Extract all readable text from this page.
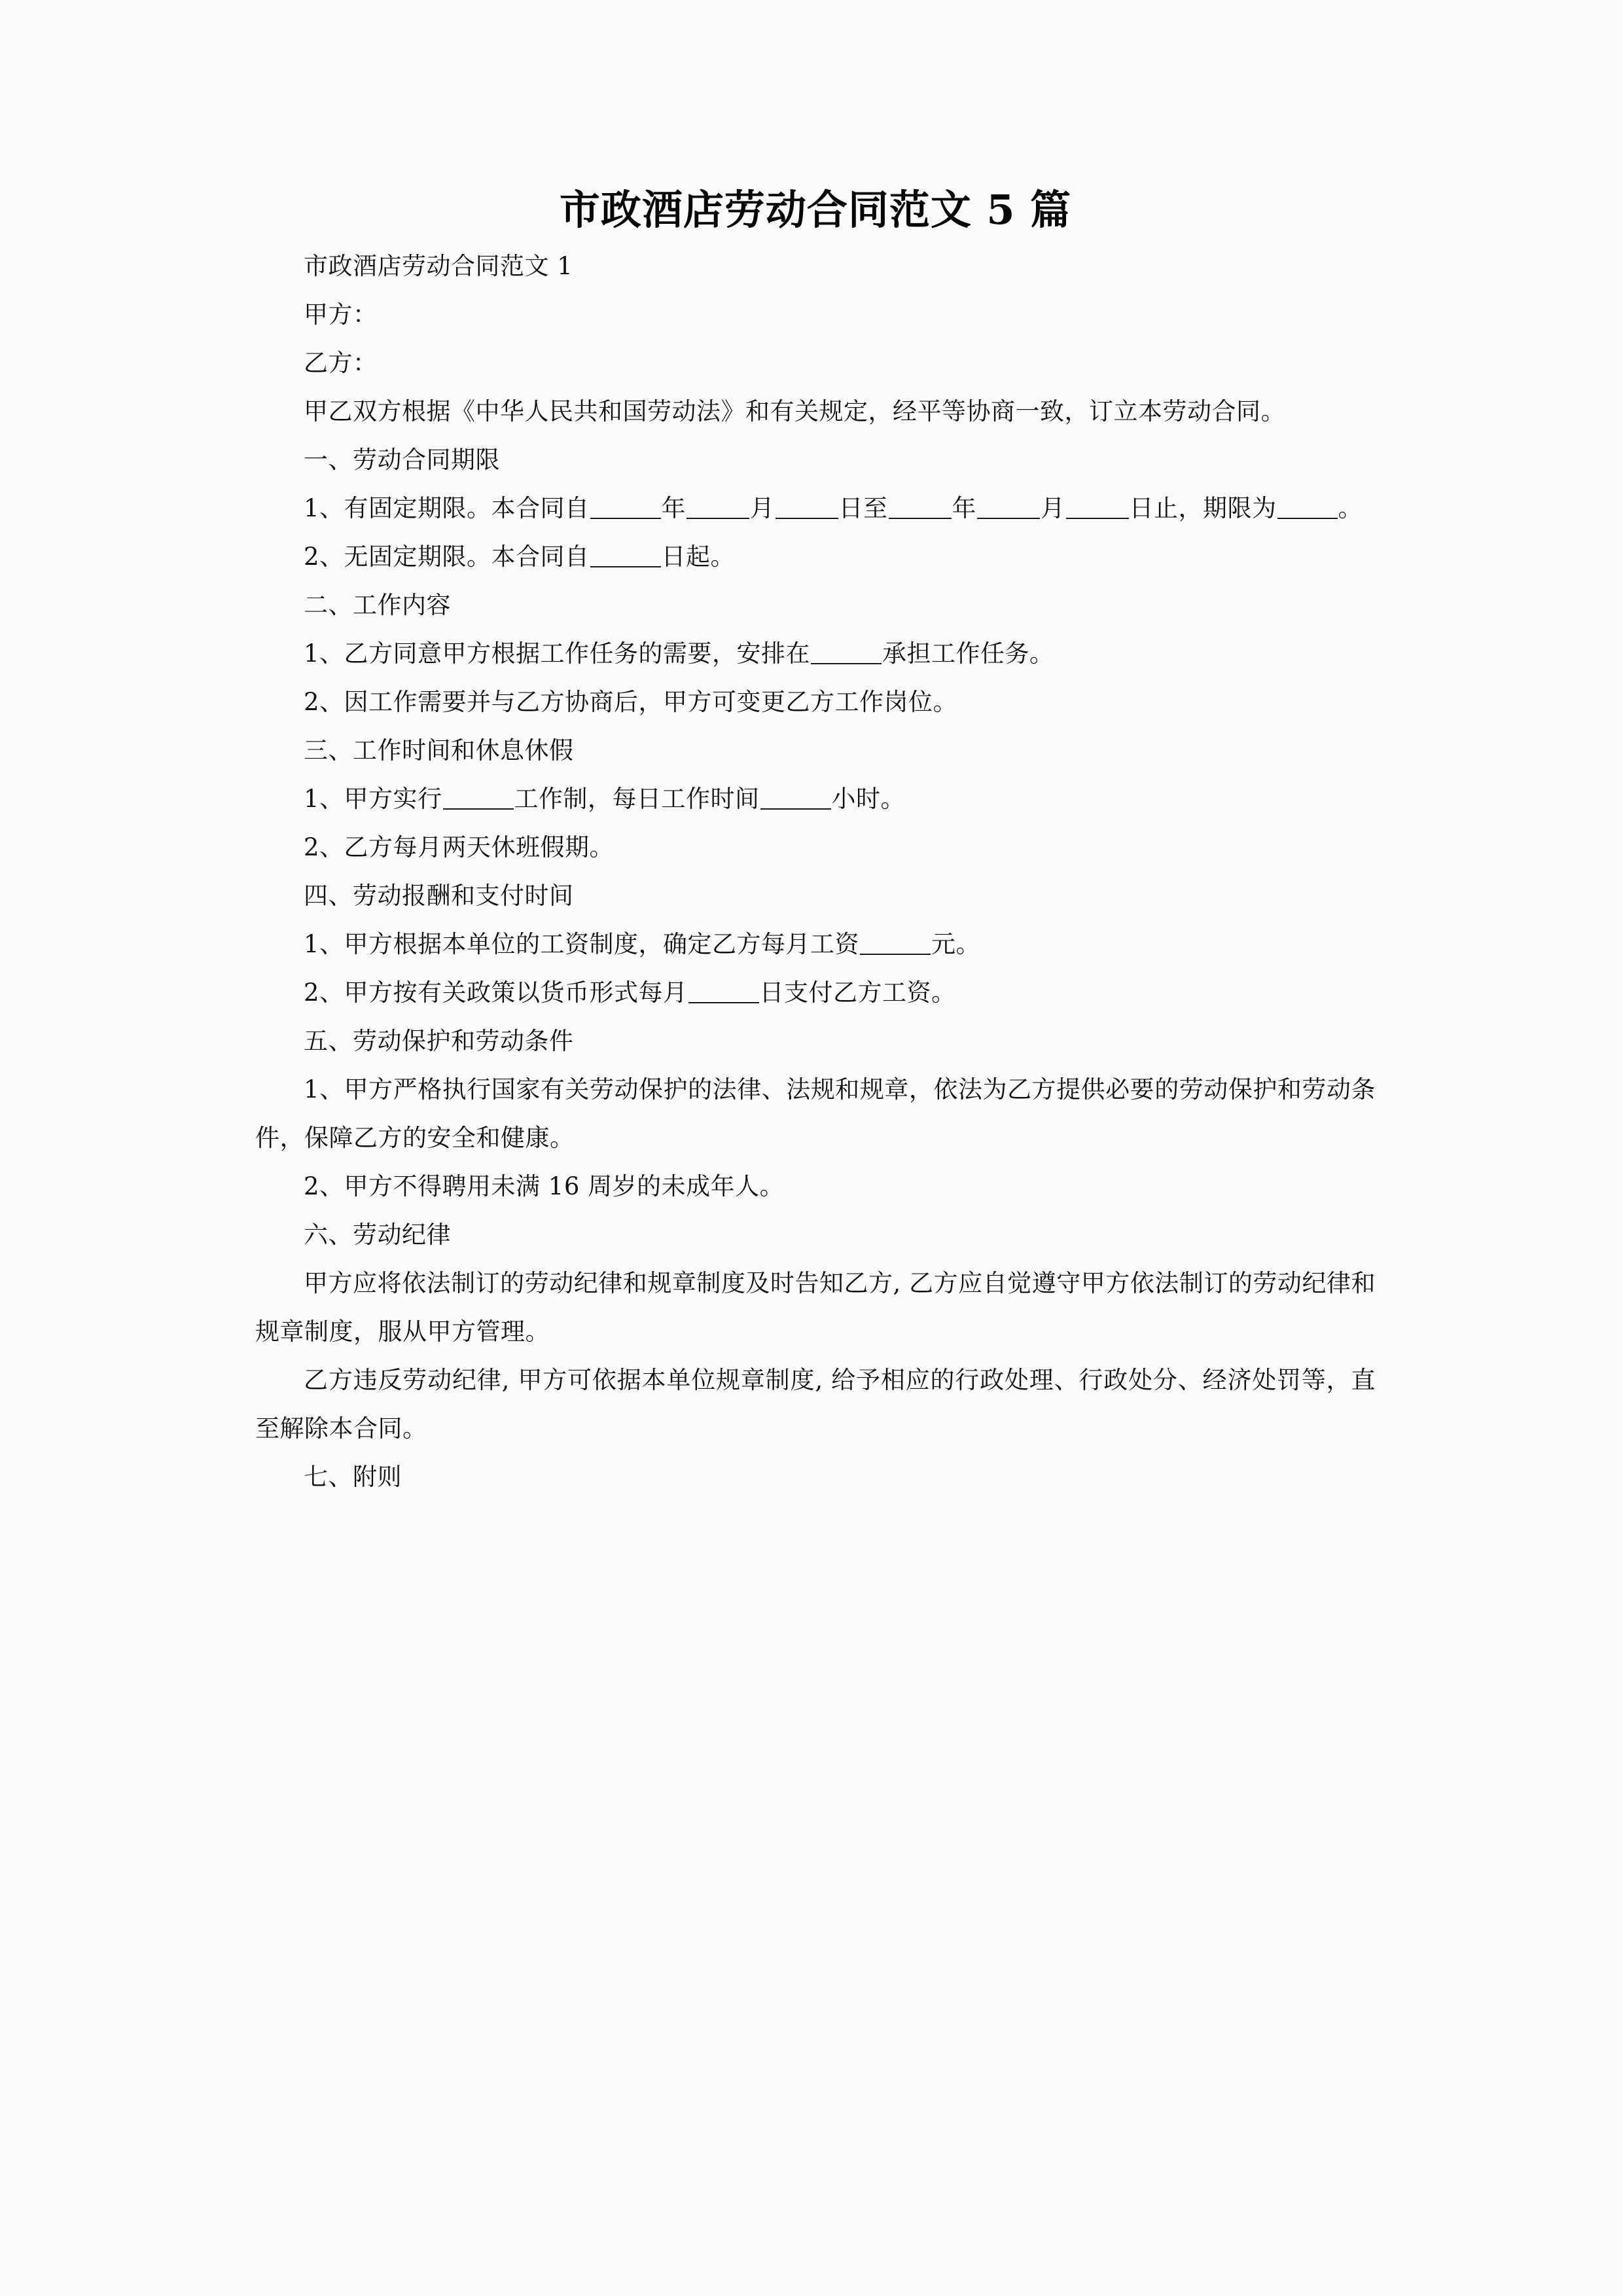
市政酒店劳动合同范文 5 篇

市政酒店劳动合同范文 1

甲方：

乙方：

甲乙双方根据《中华人民共和国劳动法》和有关规定，经平等协商一致，订立本劳动合同。

一、劳动合同期限

1、有固定期限。本合同自	年	月	日至	年	月	日止，期限为	。

2、无固定期限。本合同自	日起。

二、工作内容

1、乙方同意甲方根据工作任务的需要，安排在	承担工作任务。

2、因工作需要并与乙方协商后，甲方可变更乙方工作岗位。

三、工作时间和休息休假

1、甲方实行	工作制，每日工作时间	小时。

2、乙方每月两天休班假期。

四、劳动报酬和支付时间

1、甲方根据本单位的工资制度，确定乙方每月工资	元。

2、甲方按有关政策以货币形式每月	日支付乙方工资。

五、劳动保护和劳动条件

1、甲方严格执行国家有关劳动保护的法律、法规和规章，依法为乙方提供必要的劳动保护和劳动条件，保障乙方的安全和健康。

2、甲方不得聘用未满 16 周岁的未成年人。

六、劳动纪律

甲方应将依法制订的劳动纪律和规章制度及时告知乙方, 乙方应自觉遵守甲方依法制订的劳动纪律和规章制度，服从甲方管理。

乙方违反劳动纪律, 甲方可依据本单位规章制度, 给予相应的行政处理、行政处分、经济处罚等，直至解除本合同。

七、附则
